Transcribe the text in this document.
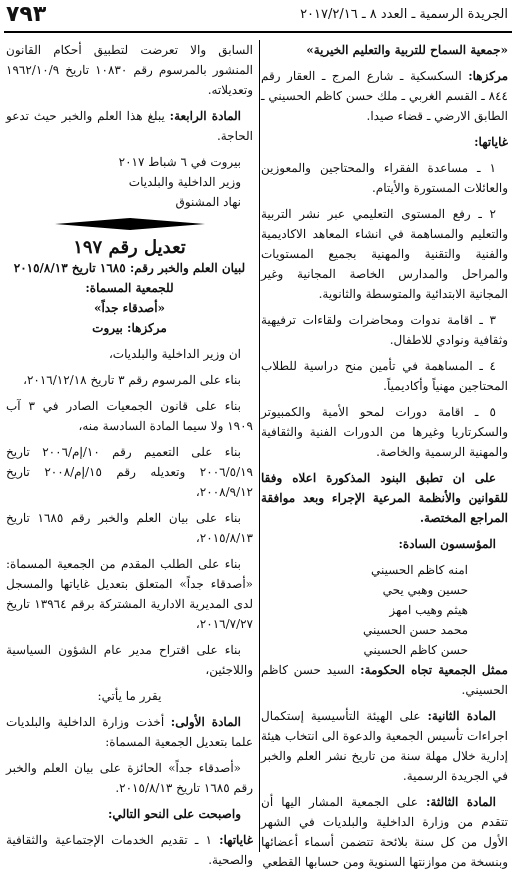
٧٩٣	الجريدة الرسمية ـ العدد ٨ ـ ٢٠١٧/٢/١٦

«جمعية السماح للتربية والتعليم الخيرية»

مركزها: السكسكية ـ شارع المرج ـ العقار رقم ٨٤٤ ـ القسم الغربي ـ ملك حسن كاظم الحسيني ـ الطابق الارضي ـ قضاء صيدا.

غاياتها:

١ ـ مساعدة الفقراء والمحتاجين والمعوزين والعائلات المستورة والأيتام.

٢ ـ رفع المستوى التعليمي عبر نشر التربية والتعليم والمساهمة في انشاء المعاهد الاكاديمية والفنية والتقنية والمهنية بجميع المستويات والمراحل والمدارس الخاصة المجانية وغير المجانية الابتدائية والمتوسطة والثانوية.

٣ ـ اقامة ندوات ومحاضرات ولقاءات ترفيهية وثقافية ونوادي للاطفال.

٤ ـ المساهمة في تأمين منح دراسية للطلاب المحتاجين مهنياً وأكاديمياً.

٥ ـ اقامة دورات لمحو الأمية والكمبيوتر والسكرتاريا وغيرها من الدورات الفنية والثقافية والمهنية الرسمية والخاصة.

على ان تطبق البنود المذكورة اعلاه وفقا للقوانين والأنظمة المرعية الإجراء وبعد موافقة المراجع المختصة.

المؤسسون السادة:

امنه كاظم الحسيني

حسين وهبي يحي

هيثم وهيب امهز

محمد حسن الحسيني

حسن كاظم الحسيني

ممثل الجمعية تجاه الحكومة: السيد حسن كاظم الحسيني.

المادة الثانية: على الهيئة التأسيسية إستكمال اجراءات تأسيس الجمعية والدعوة الى انتخاب هيئة إدارية خلال مهلة سنة من تاريخ نشر العلم والخبر في الجريدة الرسمية.

المادة الثالثة: على الجمعية المشار اليها أن تتقدم من وزارة الداخلية والبلديات في الشهر الأول من كل سنة بلائحة تتضمن أسماء أعضائها وبنسخة من موازنتها السنوية ومن حسابها القطعي

السابق والا تعرضت لتطبيق أحكام القانون المنشور بالمرسوم رقم ١٠٨٣٠ تاريخ ١٩٦٢/١٠/٩ وتعديلاته.

المادة الرابعة: يبلغ هذا العلم والخبر حيث تدعو الحاجة.

بيروت في ٦ شباط ٢٠١٧

وزير الداخلية والبلديات

نهاد المشنوق

تعديل رقم ١٩٧

لبيان العلم والخبر رقم: ١٦٨٥ تاريخ ٢٠١٥/٨/١٣

للجمعية المسماة:

«أصدقاء جداً»

مركزها: بيروت

ان وزير الداخلية والبلديات،

بناء على المرسوم رقم ٣ تاريخ ٢٠١٦/١٢/١٨،

بناء على قانون الجمعيات الصادر في ٣ آب ١٩٠٩ ولا سيما المادة السادسة منه،

بناء على التعميم رقم ١٠/إم/٢٠٠٦ تاريخ ٢٠٠٦/٥/١٩ وتعديله رقم ١٥/إم/٢٠٠٨ تاريخ ٢٠٠٨/٩/١٢،

بناء على بيان العلم والخبر رقم ١٦٨٥ تاريخ ٢٠١٥/٨/١٣،

بناء على الطلب المقدم من الجمعية المسماة: «أصدقاء جداً» المتعلق بتعديل غاياتها والمسجل لدى المديرية الادارية المشتركة برقم ١٣٩٦٤ تاريخ ٢٠١٦/٧/٢٧،

بناء على اقتراح مدير عام الشؤون السياسية واللاجئين،

يقرر ما يأتي:

المادة الأولى: أخذت وزارة الداخلية والبلديات علما بتعديل الجمعية المسماة:

«أصدقاء جداً» الحائزة على بيان العلم والخبر رقم ١٦٨٥ تاريخ ٢٠١٥/٨/١٣.

واصبحت على النحو التالي:

غاياتها: ١ ـ تقديم الخدمات الإجتماعية والثقافية والصحية.
